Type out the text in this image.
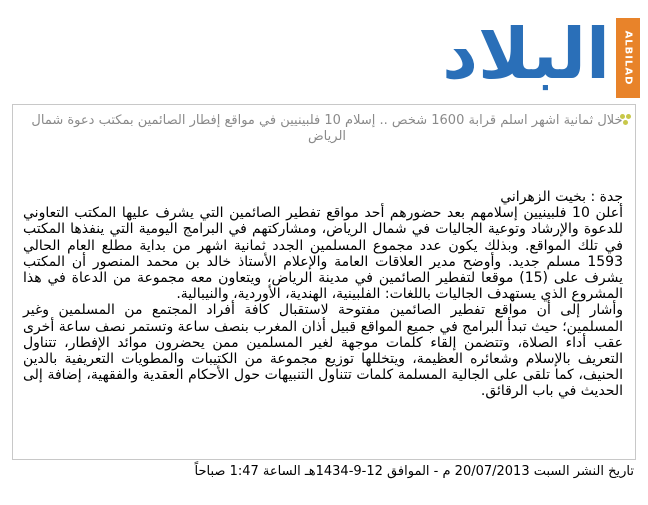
البلاد ALBILAD
خلال ثمانية اشهر اسلم قرابة 1600 شخص .. إسلام 10 فلبينيين في مواقع إفطار الصائمين بمكتب دعوة شمال الرياض

جدة : بخيت الزهراني

أعلن 10 فلبينيين إسلامهم بعد حضورهم أحد مواقع تفطير الصائمين التي يشرف عليها المكتب التعاوني للدعوة والإرشاد وتوعية الجاليات في شمال الرياض، ومشاركتهم في البرامج اليومية التي ينفذها المكتب في تلك المواقع. وبذلك يكون عدد مجموع المسلمين الجدد ثمانية اشهر من بداية مطلع العام الحالي 1593 مسلم جديد. وأوضح مدير العلاقات العامة والإعلام الأستاذ خالد بن محمد المنصور أن المكتب يشرف على (15) موقعا لتفطير الصائمين في مدينة الرياض، ويتعاون معه مجموعة من الدعاة في هذا المشروع الذي يستهدف الجاليات باللغات: الفلبينية، الهندية، الأوردية، والنيبالية.

وأشار إلى أن مواقع تفطير الصائمين مفتوحة لاستقبال كافة أفراد المجتمع من المسلمين وغير المسلمين؛ حيث تبدأ البرامج في جميع المواقع قبيل أذان المغرب بنصف ساعة وتستمر نصف ساعة أخرى عقب أداء الصلاة، وتتضمن إلقاء كلمات موجهة لغير المسلمين ممن يحضرون موائد الإفطار، تتناول التعريف بالإسلام وشعائره العظيمة، ويتخللها توزيع مجموعة من الكتيبات والمطويات التعريفية بالدين الحنيف، كما تلقى على الجالية المسلمة كلمات تتناول التنبيهات حول الأحكام العقدية والفقهية، إضافة إلى الحديث في باب الرقائق.

تاريخ النشر السبت 20/07/2013 م - الموافق 12-9-1434هـ الساعة 1:47 صباحاً
